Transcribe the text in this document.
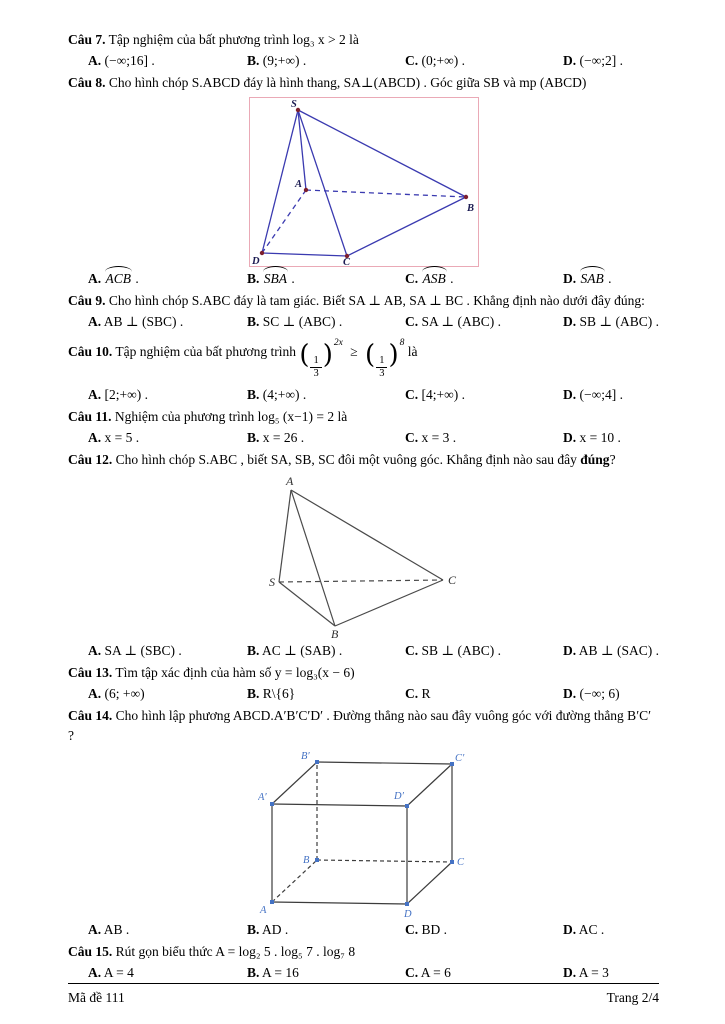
Câu 7. Tập nghiệm của bất phương trình log₃ x > 2 là

A. (−∞;16] .	B. (9;+∞) .	C. (0;+∞) .	D. (−∞;2] .

Câu 8. Cho hình chóp S.ABCD đáy là hình thang, SA⊥(ABCD) . Góc giữa SB và mp (ABCD)

S
A
B
C
D
A. ACB .	B. SBA .	C. ASB .	D. SAB .

Câu 9. Cho hình chóp S.ABC đáy là tam giác. Biết SA ⊥ AB, SA ⊥ BC . Khẳng định nào dưới đây đúng:

A. AB ⊥ (SBC) .	B. SC ⊥ (ABC) .	C. SA ⊥ (ABC) .	D. SB ⊥ (ABC) .

Câu 10. Tập nghiệm của bất phương trình ( $\frac{1}{3} )^{2x}$ ≥ ( $\frac{1}{3} )^8$ là

A. [2;+∞) .	B. (4;+∞) .	C. [4;+∞) .	D. (−∞;4] .

Câu 11. Nghiệm của phương trình log₅ (x−1) = 2 là

A. x = 5 .	B. x = 26 .	C. x = 3 .	D. x = 10 .

Câu 12. Cho hình chóp S.ABC , biết SA, SB, SC đôi một vuông góc. Khẳng định nào sau đây đúng?

A
S	C
B
A. SA ⊥ (SBC) .	B. AC ⊥ (SAB) .	C. SB ⊥ (ABC) .	D. AB ⊥ (SAC) .

Câu 13. Tìm tập xác định của hàm số y = log₃(x − 6)

A. (6; +∞)	B. R\{6}	C. R	D. (−∞; 6)

Câu 14. Cho hình lập phương ABCD.A′B′C′D′ . Đường thẳng nào sau đây vuông góc với đường thẳng B′C′ ?

A	D
C
B
A′	D′
C′
B′
A. AB .	B. AD .	C. BD .	D. AC .

Câu 15. Rút gọn biểu thức A = log₂ 5 . log₅ 7 . log₇ 8

A. A = 4	B. A = 16	C. A = 6	D. A = 3
Mã đề 111	Trang 2/4
